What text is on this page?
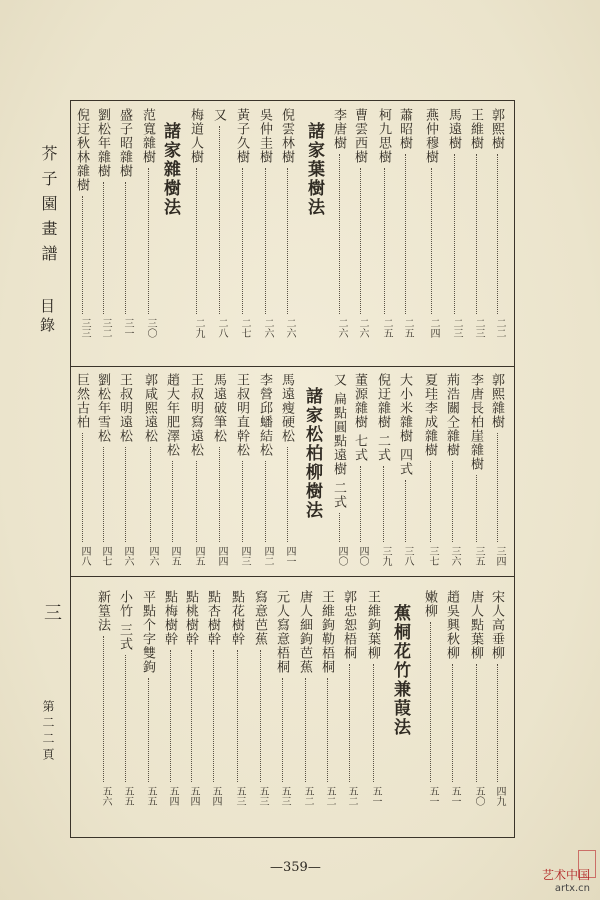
郭熙樹
二二
王維樹
二三
馬遠樹
二三
燕仲穆樹
二四
蕭昭樹
二五
柯九思樹
二五
曹雲西樹
二六
李唐樹
二六
諸家葉樹法
倪雲林樹
二六
吳仲圭樹
二六
黃子久樹
二七
又
二八
梅道人樹
二九
諸家雜樹法
范寬雜樹
三〇
盛子昭雜樹
三一
劉松年雜樹
三二
倪迂秋林雜樹
三三
郭熙雜樹
三四
李唐長柏崖雜樹
三五
荊浩關仝雜樹
三六
夏珪李成雜樹
三七
大小米雜樹 四式
三八
倪迂雜樹 二式
三九
董源雜樹 七式
四〇
又 扁點圓點遠樹 二式
四〇
諸家松柏柳樹法
馬遠瘦硬松
四一
李營邱蟠結松
四二
王叔明直幹松
四三
馬遠破筆松
四四
王叔明寫遠松
四五
趙大年肥澤松
四五
郭咸熙遠松
四六
王叔明遠松
四六
劉松年雪松
四七
巨然古柏
四八
宋人高垂柳
四九
唐人點葉柳
五〇
趙吳興秋柳
五一
嫩柳
五一
蕉桐花竹兼葭法
王維鉤葉柳
五一
郭忠恕梧桐
五二
王維鉤勒梧桐
五二
唐人細鉤芭蕉
五二
元人寫意梧桐
五三
寫意芭蕉
五三
點花樹幹
五三
點杏樹幹
五四
點桃樹幹
五四
點梅樹幹
五四
平點个字雙鉤
五五
小竹 三式
五五
新篁法
五六
芥子園畫譜
目錄
三
第二二頁
—359—	艺术中国
artx.cn
